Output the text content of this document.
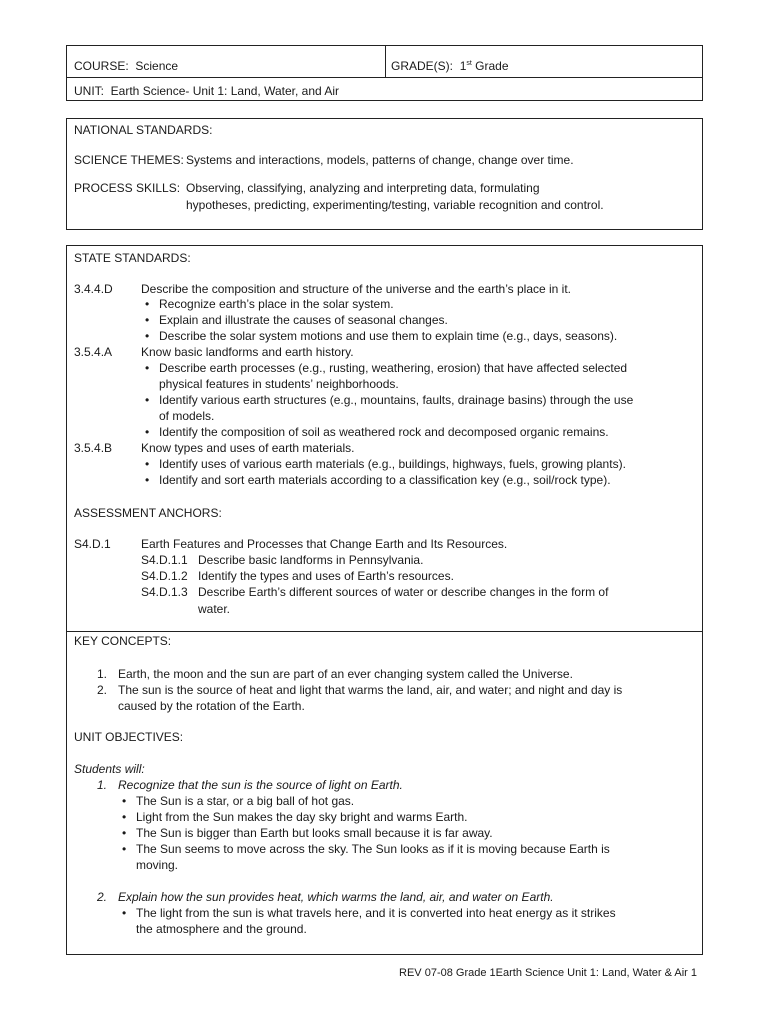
COURSE: Science	GRADE(S): 1st Grade
UNIT: Earth Science- Unit 1: Land, Water, and Air
NATIONAL STANDARDS:
SCIENCE THEMES: Systems and interactions, models, patterns of change, change over time.
PROCESS SKILLS: Observing, classifying, analyzing and interpreting data, formulating
hypotheses, predicting, experimenting/testing, variable recognition and control.
STATE STANDARDS:
3.4.4.D Describe the composition and structure of the universe and the earth’s place in it.
• Recognize earth’s place in the solar system.
• Explain and illustrate the causes of seasonal changes.
• Describe the solar system motions and use them to explain time (e.g., days, seasons).
3.5.4.A Know basic landforms and earth history.
• Describe earth processes (e.g., rusting, weathering, erosion) that have affected selected
physical features in students’ neighborhoods.
• Identify various earth structures (e.g., mountains, faults, drainage basins) through the use
of models.
• Identify the composition of soil as weathered rock and decomposed organic remains.
3.5.4.B Know types and uses of earth materials.
• Identify uses of various earth materials (e.g., buildings, highways, fuels, growing plants).
• Identify and sort earth materials according to a classification key (e.g., soil/rock type).
ASSESSMENT ANCHORS:
S4.D.1	Earth Features and Processes that Change Earth and Its Resources.
S4.D.1.1 Describe basic landforms in Pennsylvania.
S4.D.1.2 Identify the types and uses of Earth’s resources.
S4.D.1.3 Describe Earth’s different sources of water or describe changes in the form of
water.
KEY CONCEPTS:
1. Earth, the moon and the sun are part of an ever changing system called the Universe.
2. The sun is the source of heat and light that warms the land, air, and water; and night and day is
caused by the rotation of the Earth.
UNIT OBJECTIVES:
Students will:
1. Recognize that the sun is the source of light on Earth.
• The Sun is a star, or a big ball of hot gas.
• Light from the Sun makes the day sky bright and warms Earth.
• The Sun is bigger than Earth but looks small because it is far away.
• The Sun seems to move across the sky. The Sun looks as if it is moving because Earth is
moving.
2. Explain how the sun provides heat, which warms the land, air, and water on Earth.
• The light from the sun is what travels here, and it is converted into heat energy as it strikes
the atmosphere and the ground.
REV 07-08 Grade 1Earth Science Unit 1: Land, Water & Air 1
